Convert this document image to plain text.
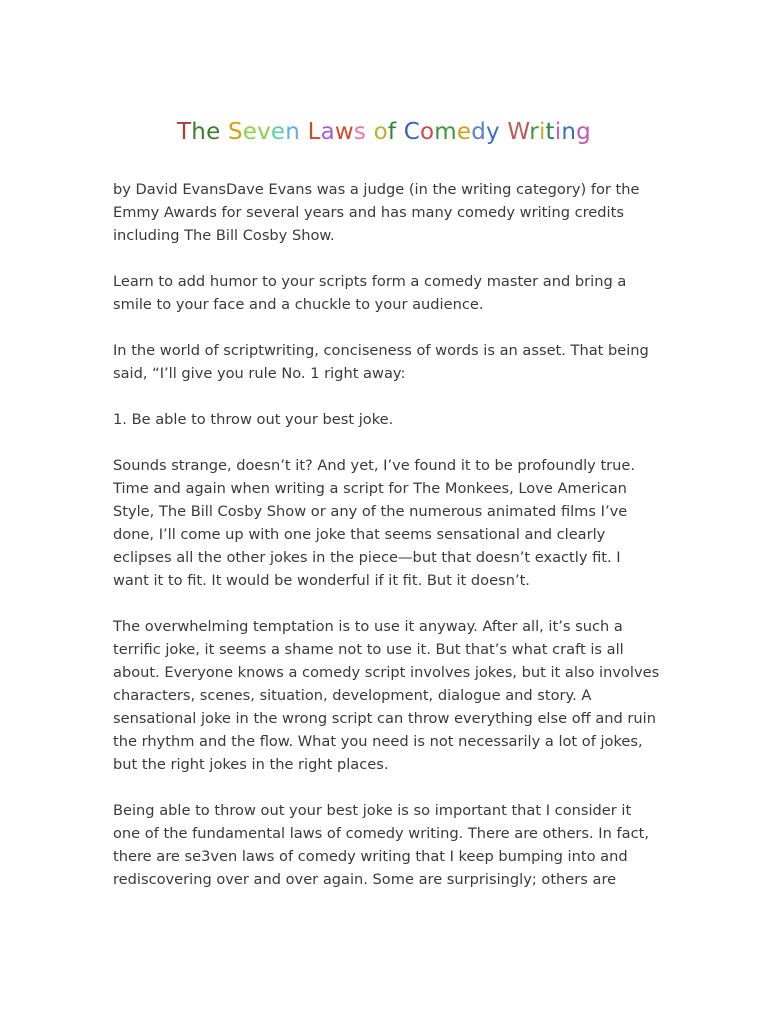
The Seven Laws of Comedy Writing

by David EvansDave Evans was a judge (in the writing category) for the Emmy Awards for several years and has many comedy writing credits including The Bill Cosby Show.

Learn to add humor to your scripts form a comedy master and bring a smile to your face and a chuckle to your audience.

In the world of scriptwriting, conciseness of words is an asset. That being said, “I’ll give you rule No. 1 right away:

1. Be able to throw out your best joke.

Sounds strange, doesn’t it? And yet, I’ve found it to be profoundly true. Time and again when writing a script for The Monkees, Love American Style, The Bill Cosby Show or any of the numerous animated films I’ve done, I’ll come up with one joke that seems sensational and clearly eclipses all the other jokes in the piece—but that doesn’t exactly fit. I want it to fit. It would be wonderful if it fit. But it doesn’t.

The overwhelming temptation is to use it anyway. After all, it’s such a terrific joke, it seems a shame not to use it. But that’s what craft is all about. Everyone knows a comedy script involves jokes, but it also involves characters, scenes, situation, development, dialogue and story. A sensational joke in the wrong script can throw everything else off and ruin the rhythm and the flow. What you need is not necessarily a lot of jokes, but the right jokes in the right places.

Being able to throw out your best joke is so important that I consider it one of the fundamental laws of comedy writing. There are others. In fact, there are se3ven laws of comedy writing that I keep bumping into and rediscovering over and over again. Some are surprisingly; others are
